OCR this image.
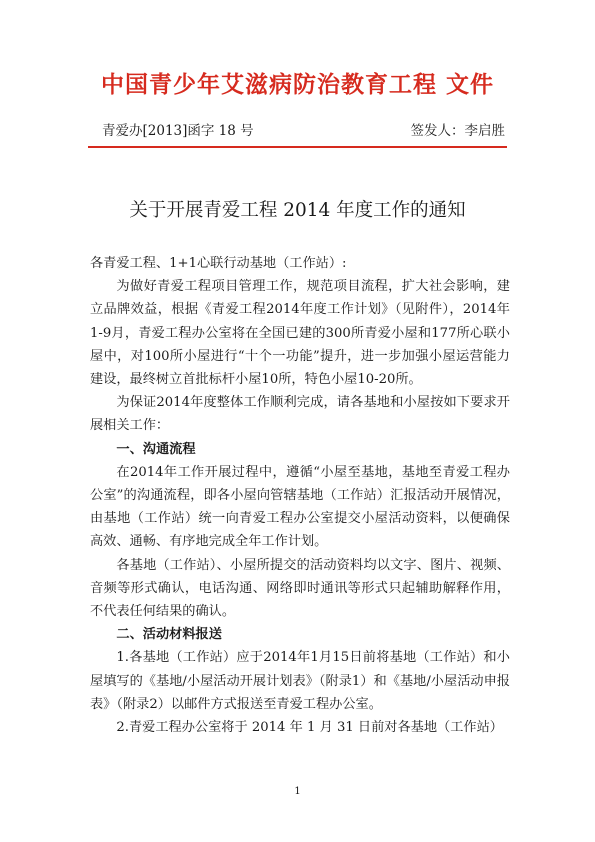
中国青少年艾滋病防治教育工程 文件
青爱办[2013]函字 18 号	签发人：李启胜
关于开展青爱工程 2014 年度工作的通知

各青爱工程、1+1心联行动基地（工作站）:

为做好青爱工程项目管理工作，规范项目流程，扩大社会影响，建立品牌效益，根据《青爱工程2014年度工作计划》（见附件），2014年1-9月，青爱工程办公室将在全国已建的300所青爱小屋和177所心联小屋中，对100所小屋进行“十个一功能”提升，进一步加强小屋运营能力建设，最终树立首批标杆小屋10所，特色小屋10-20所。

为保证2014年度整体工作顺利完成，请各基地和小屋按如下要求开展相关工作：

一、沟通流程

在2014年工作开展过程中，遵循“小屋至基地，基地至青爱工程办公室”的沟通流程，即各小屋向管辖基地（工作站）汇报活动开展情况，由基地（工作站）统一向青爱工程办公室提交小屋活动资料，以便确保高效、通畅、有序地完成全年工作计划。

各基地（工作站）、小屋所提交的活动资料均以文字、图片、视频、音频等形式确认，电话沟通、网络即时通讯等形式只起辅助解释作用，不代表任何结果的确认。

二、活动材料报送

1.各基地（工作站）应于2014年1月15日前将基地（工作站）和小屋填写的《基地/小屋活动开展计划表》（附录1）和《基地/小屋活动申报表》（附录2）以邮件方式报送至青爱工程办公室。

2.青爱工程办公室将于 2014 年 1 月 31 日前对各基地（工作站）

1
